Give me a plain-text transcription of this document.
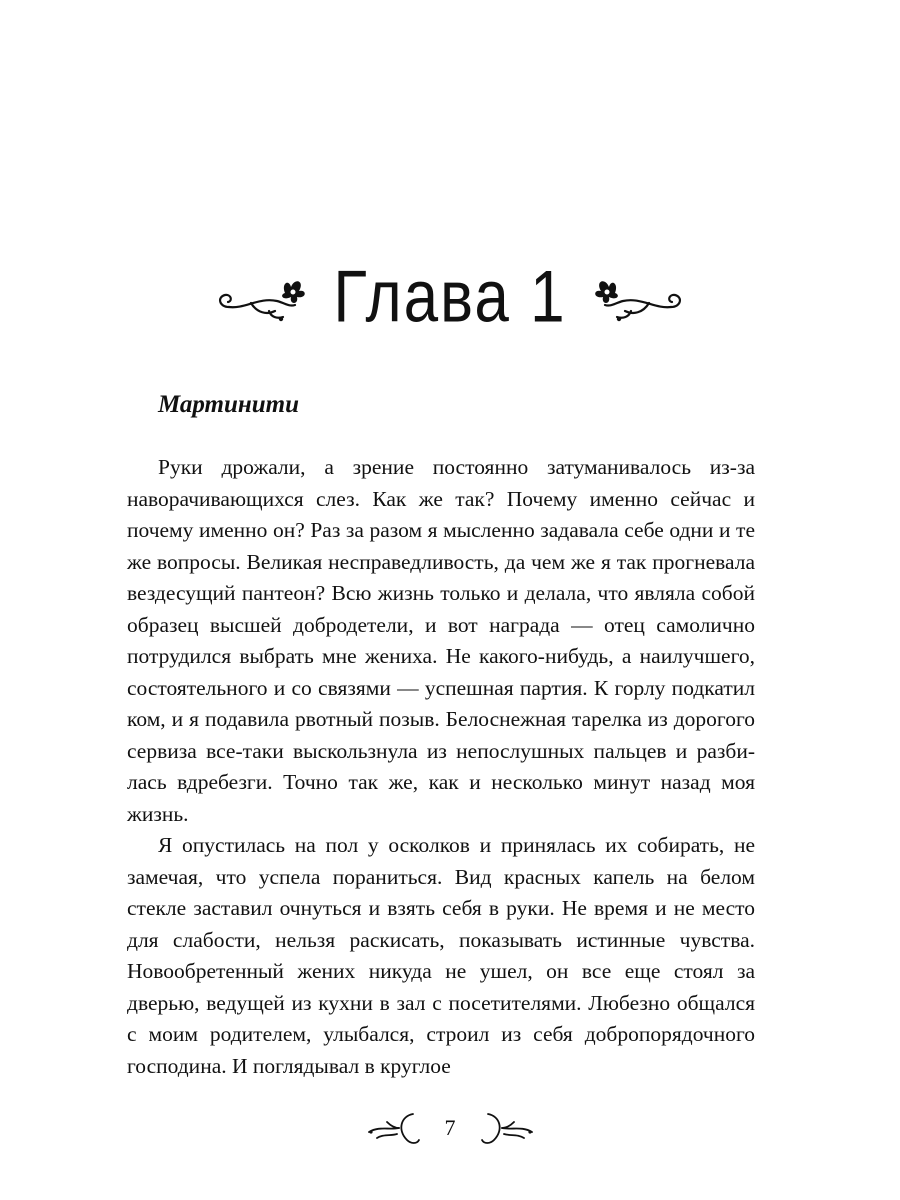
Глава 1
Мартинити

Руки дрожали, а зрение постоянно затуманивалось из-за наворачивающихся слез. Как же так? Почему именно сейчас и почему именно он? Раз за разом я мысленно задавала себе одни и те же вопросы. Великая несправедливость, да чем же я так прогневала вездесущий пантеон? Всю жизнь только и делала, что являла собой образец высшей добродетели, и вот награда — отец самолично потрудился выбрать мне жениха. Не какого-нибудь, а наилучшего, состоятельного и со связями — успешная партия. К горлу подкатил ком, и я подавила рвотный позыв. Белоснежная тарелка из дорогого сервиза все-таки выскользнула из непослушных пальцев и разбилась вдребезги. Точно так же, как и несколько минут назад моя жизнь.

Я опустилась на пол у осколков и принялась их собирать, не замечая, что успела пораниться. Вид красных капель на белом стекле заставил очнуться и взять себя в руки. Не время и не место для слабости, нельзя раскисать, показывать истинные чувства. Новообретенный жених никуда не ушел, он все еще стоял за дверью, ведущей из кухни в зал с посетителями. Любезно общался с моим родителем, улыбался, строил из себя добропорядочного господина. И поглядывал в круглое

7
